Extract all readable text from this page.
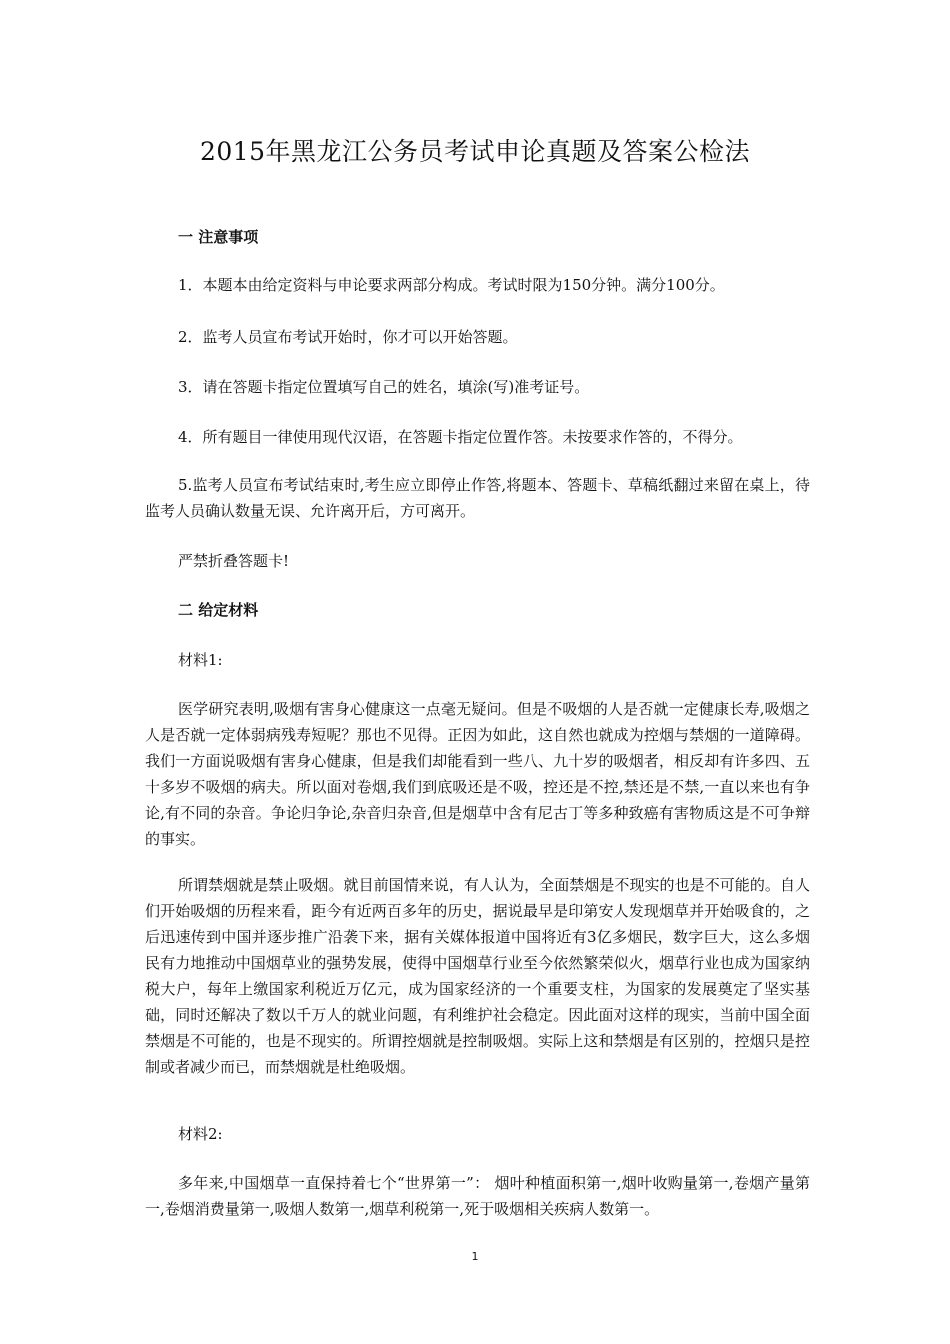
2015年黑龙江公务员考试申论真题及答案公检法
一 注意事项

1．本题本由给定资料与申论要求两部分构成。考试时限为150分钟。满分100分。

2．监考人员宣布考试开始时，你才可以开始答题。

3．请在答题卡指定位置填写自己的姓名，填涂(写)准考证号。

4．所有题目一律使用现代汉语，在答题卡指定位置作答。未按要求作答的，不得分。

5.监考人员宣布考试结束时,考生应立即停止作答,将题本、答题卡、草稿纸翻过来留在桌上，待监考人员确认数量无误、允许离开后，方可离开。

严禁折叠答题卡!

二 给定材料

材料1:

医学研究表明,吸烟有害身心健康这一点毫无疑问。但是不吸烟的人是否就一定健康长寿,吸烟之人是否就一定体弱病残寿短呢？那也不见得。正因为如此，这自然也就成为控烟与禁烟的一道障碍。我们一方面说吸烟有害身心健康，但是我们却能看到一些八、九十岁的吸烟者，相反却有许多四、五十多岁不吸烟的病夫。所以面对卷烟,我们到底吸还是不吸，控还是不控,禁还是不禁,一直以来也有争论,有不同的杂音。争论归争论,杂音归杂音,但是烟草中含有尼古丁等多种致癌有害物质这是不可争辩的事实。

所谓禁烟就是禁止吸烟。就目前国情来说，有人认为，全面禁烟是不现实的也是不可能的。自人们开始吸烟的历程来看，距今有近两百多年的历史，据说最早是印第安人发现烟草并开始吸食的，之后迅速传到中国并逐步推广沿袭下来，据有关媒体报道中国将近有3亿多烟民，数字巨大，这么多烟民有力地推动中国烟草业的强势发展，使得中国烟草行业至今依然繁荣似火，烟草行业也成为国家纳税大户，每年上缴国家利税近万亿元，成为国家经济的一个重要支柱，为国家的发展奠定了坚实基础，同时还解决了数以千万人的就业问题，有利维护社会稳定。因此面对这样的现实，当前中国全面禁烟是不可能的，也是不现实的。所谓控烟就是控制吸烟。实际上这和禁烟是有区别的，控烟只是控制或者减少而已，而禁烟就是杜绝吸烟。

材料2:

多年来,中国烟草一直保持着七个“世界第一”： 烟叶种植面积第一,烟叶收购量第一,卷烟产量第一,卷烟消费量第一,吸烟人数第一,烟草利税第一,死于吸烟相关疾病人数第一。

1
